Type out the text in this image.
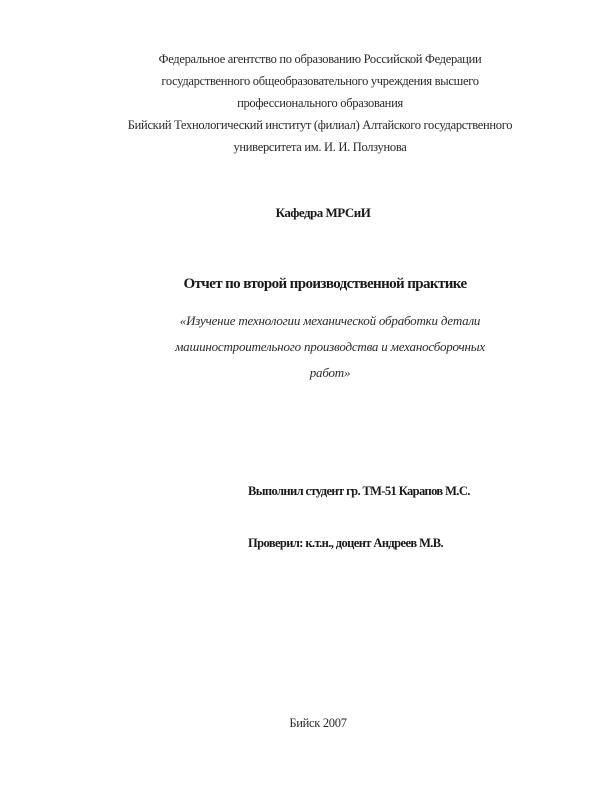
Федеральное агентство по образованию Российской Федерации
государственного общеобразовательного учреждения высшего
профессионального образования
Бийский Технологический институт (филиал) Алтайского государственного
университета им. И. И. Ползунова
Кафедра МРСиИ
Отчет по второй производственной практике
«Изучение технологии механической обработки детали
машиностроительного производства и механосборочных
работ»
Выполнил студент гр. ТМ-51 Карапов М.С.
Проверил: к.т.н., доцент Андреев М.В.
Бийск 2007
